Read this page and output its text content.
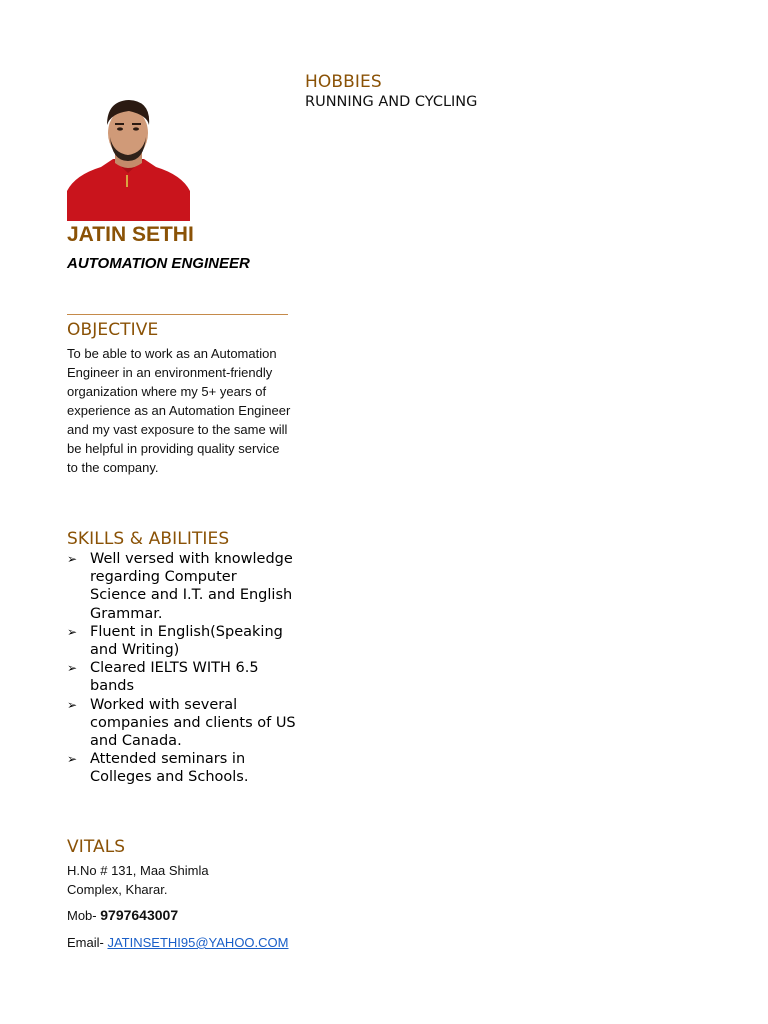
JATIN SETHI
AUTOMATION ENGINEER
OBJECTIVE
To be able to work as an Automation Engineer in an environment-friendly organization where my 5+ years of experience as an Automation Engineer and my vast exposure to the same will be helpful in providing quality service to the company.
SKILLS & ABILITIES
➢ Well versed with knowledge regarding Computer Science and I.T. and English Grammar.
➢ Fluent in English(Speaking and Writing)
➢ Cleared IELTS WITH 6.5 bands
➢ Worked with several companies and clients of US and Canada.
➢ Attended seminars in Colleges and Schools.
VITALS
H.No # 131, Maa Shimla Complex, Kharar.
Mob- 9797643007
Email- JATINSETHI95@YAHOO.COM
HOBBIES
RUNNING AND CYCLING
